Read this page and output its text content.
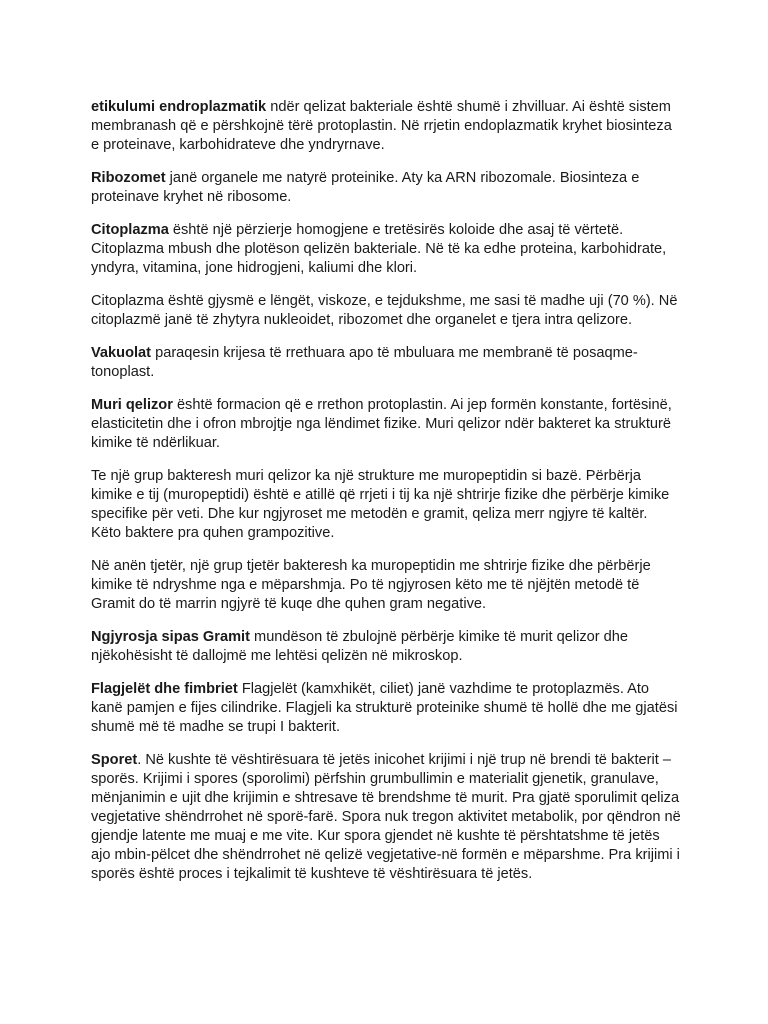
etikulumi endroplazmatik ndër qelizat bakteriale është shumë i zhvilluar. Ai është sistem membranash që e përshkojnë tërë protoplastin. Në rrjetin endoplazmatik kryhet biosinteza e proteinave, karbohidrateve dhe yndryrnave.

Ribozomet janë organele me natyrë proteinike. Aty ka ARN ribozomale. Biosinteza e proteinave kryhet në ribosome.

Citoplazma është një përzierje homogjene e tretësirës koloide dhe asaj të vërtetë. Citoplazma mbush dhe plotëson qelizën bakteriale. Në të ka edhe proteina, karbohidrate, yndyra, vitamina, jone hidrogjeni, kaliumi dhe klori.

Citoplazma është gjysmë e lëngët, viskoze, e tejdukshme, me sasi të madhe uji (70 %). Në citoplazmë janë të zhytyra nukleoidet, ribozomet dhe organelet e tjera intra qelizore.

Vakuolat paraqesin krijesa të rrethuara apo të mbuluara me membranë të posaqme-tonoplast.

Muri qelizor është formacion që e rrethon protoplastin. Ai jep formën konstante, fortësinë, elasticitetin dhe i ofron mbrojtje nga lëndimet fizike. Muri qelizor ndër bakteret ka strukturë kimike të ndërlikuar.

Te një grup bakteresh muri qelizor ka një strukture me muropeptidin si bazë. Përbërja kimike e tij (muropeptidi) është e atillë që rrjeti i tij ka një shtrirje fizike dhe përbërje kimike specifike për veti. Dhe kur ngjyroset me metodën e gramit, qeliza merr ngjyre të kaltër. Këto baktere pra quhen grampozitive.

Në anën tjetër, një grup tjetër bakteresh ka muropeptidin me shtrirje fizike dhe përbërje kimike të ndryshme nga e mëparshmja. Po të ngjyrosen këto me të njëjtën metodë të Gramit do të marrin ngjyrë të kuqe dhe quhen gram negative.

Ngjyrosja sipas Gramit mundëson të zbulojnë përbërje kimike të murit qelizor dhe njëkohësisht të dallojmë me lehtësi qelizën në mikroskop.

Flagjelët dhe fimbriet Flagjelët (kamxhikët, ciliet) janë vazhdime te protoplazmës. Ato kanë pamjen e fijes cilindrike. Flagjeli ka strukturë proteinike shumë të hollë dhe me gjatësi shumë më të madhe se trupi I bakterit.

Sporet. Në kushte të vështirësuara të jetës inicohet krijimi i një trup në brendi të bakterit –sporës. Krijimi i spores (sporolimi) përfshin grumbullimin e materialit gjenetik, granulave, mënjanimin e ujit dhe krijimin e shtresave të brendshme të murit. Pra gjatë sporulimit qeliza vegjetative shëndrrohet në sporë-farë. Spora nuk tregon aktivitet metabolik, por qëndron në gjendje latente me muaj e me vite. Kur spora gjendet në kushte të përshtatshme të jetës ajo mbin-pëlcet dhe shëndrrohet në qelizë vegjetative-në formën e mëparshme. Pra krijimi i sporës është proces i tejkalimit të kushteve të vështirësuara të jetës.
